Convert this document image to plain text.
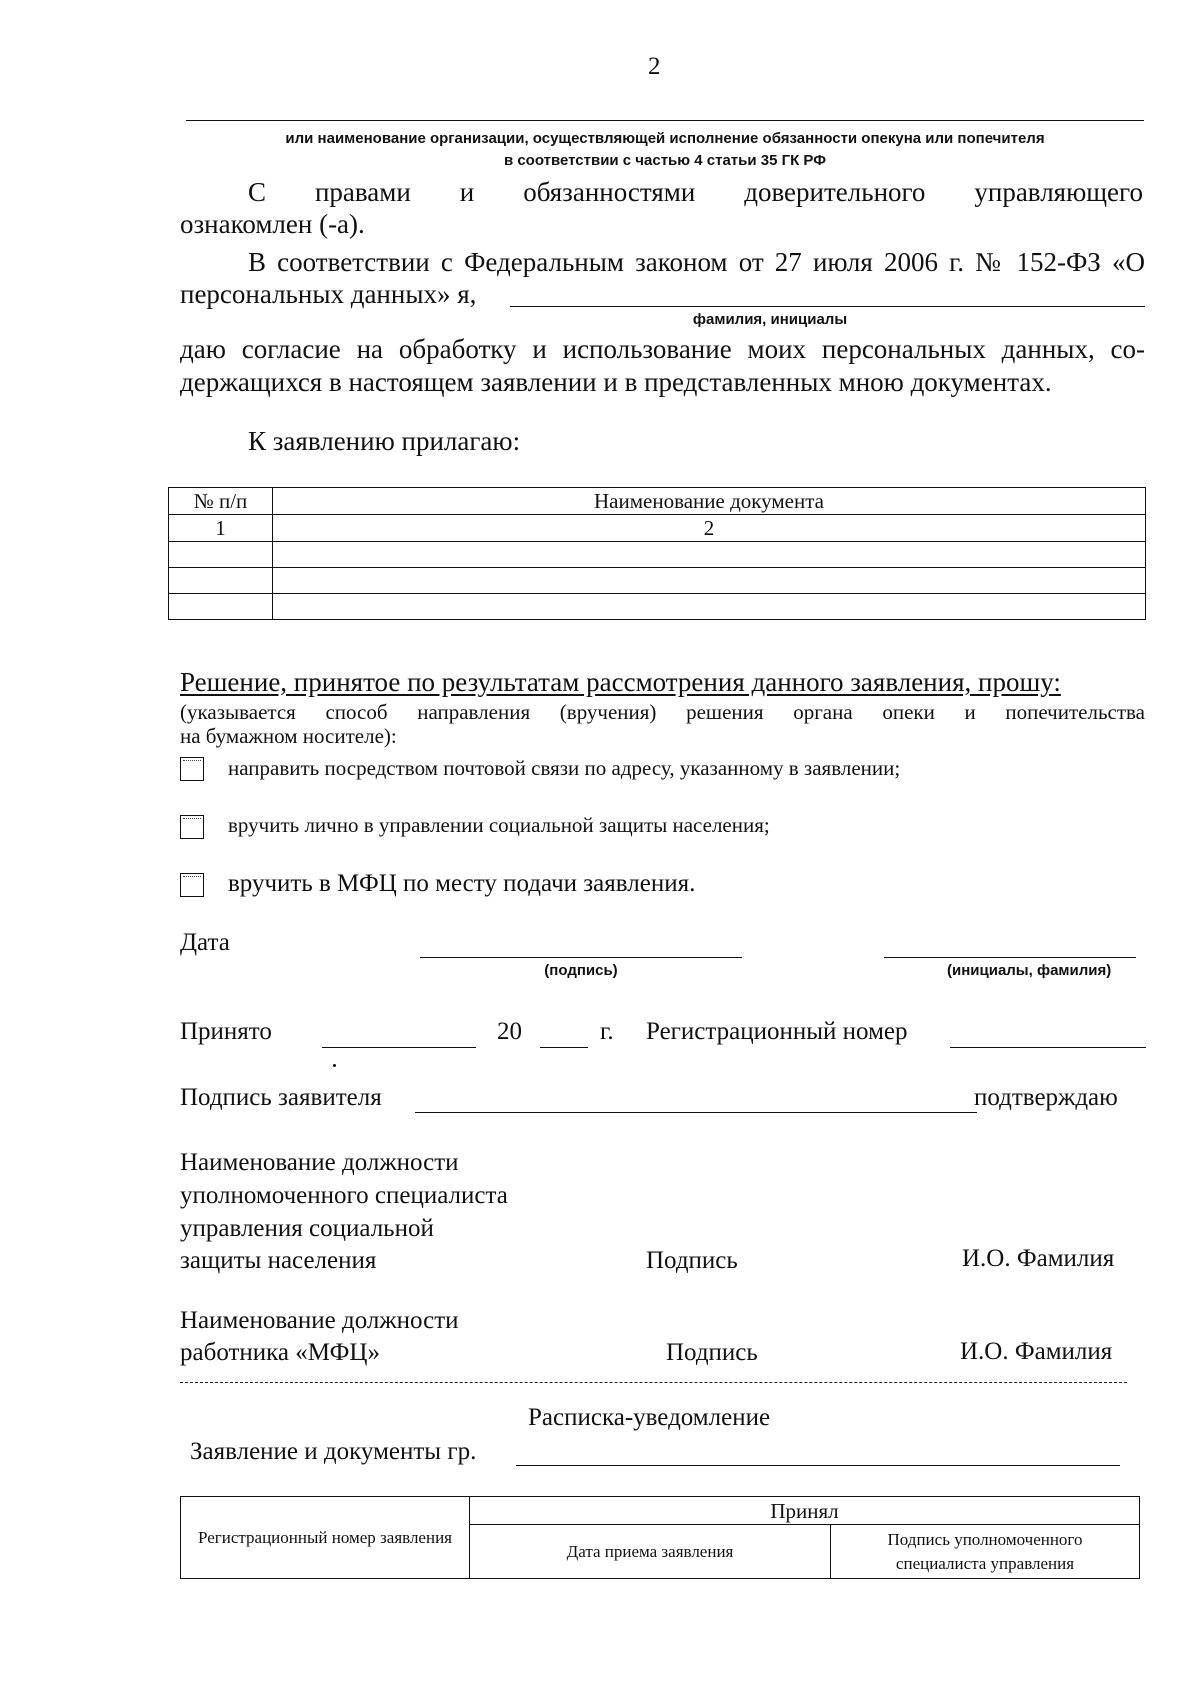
2
или наименование организации, осуществляющей исполнение обязанности опекуна или попечителя
в соответствии с частью 4 статьи 35 ГК РФ
С правами и обязанностями доверительного управляющего
ознакомлен (-а).
В соответствии с Федеральным законом от 27 июля 2006 г. № 152-ФЗ «О
персональных данных» я,
фамилия, инициалы
даю согласие на обработку и использование моих персональных данных, со-
держащихся в настоящем заявлении и в представленных мною документах.
К заявлению прилагаю:
№ п/п	Наименование документа
1	2

Решение, принятое по результатам рассмотрения данного заявления, прошу:
(указывается способ направления (вручения) решения органа опеки и попечительства
на бумажном носителе):
направить посредством почтовой связи по адресу, указанному в заявлении;
вручить лично в управлении социальной защиты населения;
вручить в МФЦ по месту подачи заявления.
Дата
(подпись)	(инициалы, фамилия)
Принято	20	г. Регистрационный номер
Подпись заявителя	подтверждаю
Наименование должности
уполномоченного специалиста
управления социальной
защиты населения	Подпись	И.О. Фамилия
Наименование должности
работника «МФЦ»	Подпись	И.О. Фамилия
Расписка-уведомление
Заявление и документы гр.
Регистрационный номер заявления	Принял	
	Дата приема заявления	Подпись уполномоченного
специалиста управления
